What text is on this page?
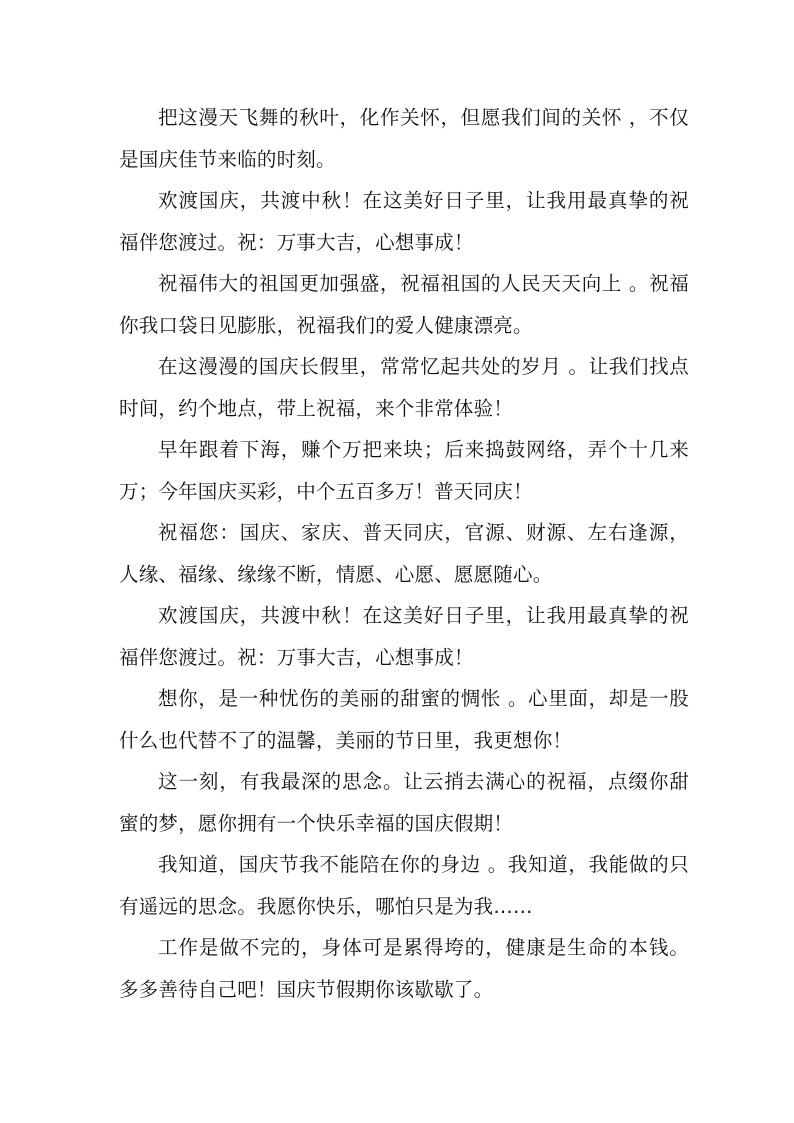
把这漫天飞舞的秋叶，化作关怀，但愿我们间的关怀 ，不仅是国庆佳节来临的时刻。

欢渡国庆，共渡中秋！在这美好日子里，让我用最真挚的祝福伴您渡过。祝：万事大吉，心想事成！

祝福伟大的祖国更加强盛，祝福祖国的人民天天向上 。祝福你我口袋日见膨胀，祝福我们的爱人健康漂亮。

在这漫漫的国庆长假里，常常忆起共处的岁月 。让我们找点时间，约个地点，带上祝福，来个非常体验！

早年跟着下海，赚个万把来块；后来捣鼓网络，弄个十几来万；今年国庆买彩，中个五百多万！普天同庆！

祝福您：国庆、家庆、普天同庆，官源、财源、左右逢源，人缘、福缘、缘缘不断，情愿、心愿、愿愿随心。

欢渡国庆，共渡中秋！在这美好日子里，让我用最真挚的祝福伴您渡过。祝：万事大吉，心想事成！

想你，是一种忧伤的美丽的甜蜜的惆怅 。心里面，却是一股什么也代替不了的温馨，美丽的节日里，我更想你！

这一刻，有我最深的思念。让云捎去满心的祝福，点缀你甜蜜的梦，愿你拥有一个快乐幸福的国庆假期！

我知道，国庆节我不能陪在你的身边 。我知道，我能做的只有遥远的思念。我愿你快乐，哪怕只是为我……

工作是做不完的，身体可是累得垮的，健康是生命的本钱。多多善待自己吧！国庆节假期你该歇歇了。
